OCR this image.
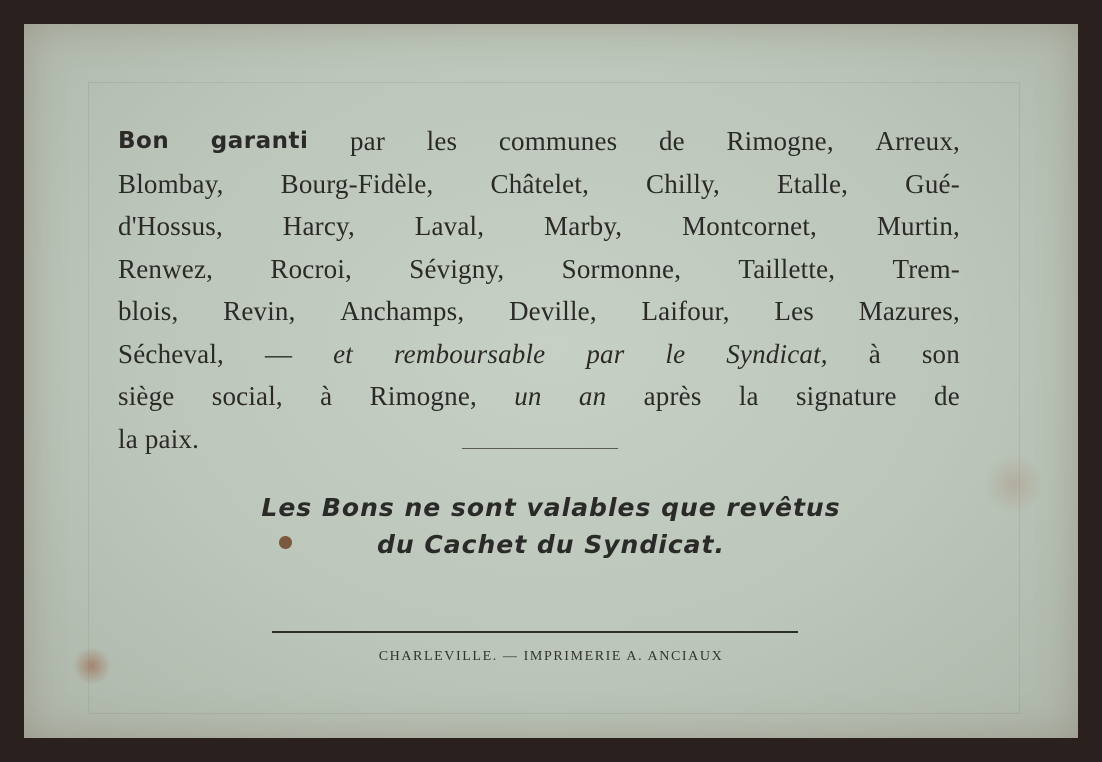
Bon garanti par les communes de Rimogne, Arreux,
Blombay, Bourg-Fidèle, Châtelet, Chilly, Etalle, Gué-
d'Hossus, Harcy, Laval, Marby, Montcornet, Murtin,
Renwez, Rocroi, Sévigny, Sormonne, Taillette, Trem-
blois, Revin, Anchamps, Deville, Laifour, Les Mazures,
Sécheval, — et remboursable par le Syndicat, à son
siège social, à Rimogne, un an après la signature de
la paix.
Les Bons ne sont valables que revêtus
du Cachet du Syndicat.
CHARLEVILLE. — IMPRIMERIE A. ANCIAUX
